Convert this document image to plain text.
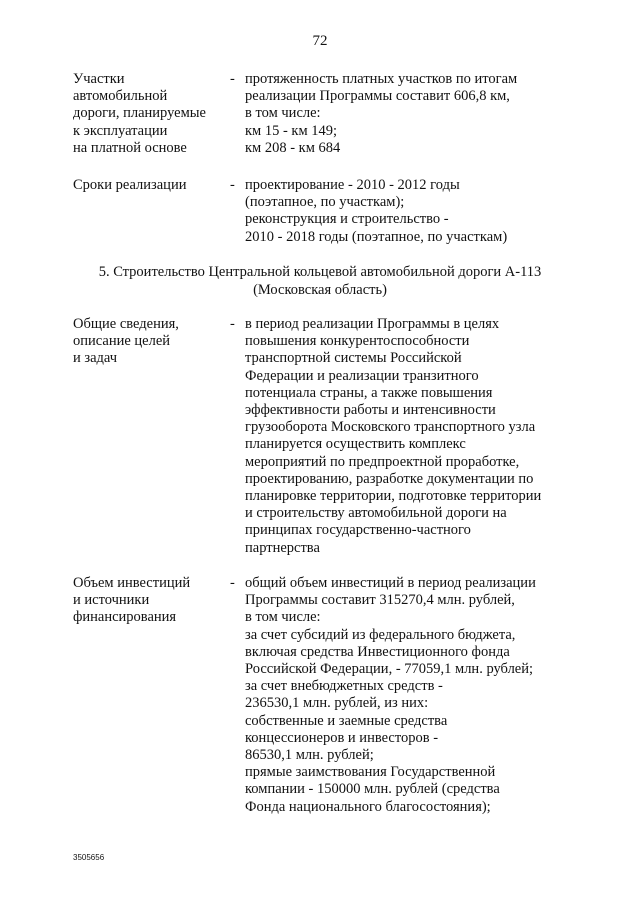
72
Участки
автомобильной
дороги, планируемые
к эксплуатации
на платной основе
- протяженность платных участков по итогам
реализации Программы составит 606,8 км,
в том числе:
км 15 - км 149;
км 208 - км 684
Сроки реализации	- проектирование - 2010 - 2012 годы
(поэтапное, по участкам);
реконструкция и строительство -
2010 - 2018 годы (поэтапное, по участкам)
5. Строительство Центральной кольцевой автомобильной дороги А-113
(Московская область)
Общие сведения,
описание целей
и задач
- в период реализации Программы в целях
повышения конкурентоспособности
транспортной системы Российской
Федерации и реализации транзитного
потенциала страны, а также повышения
эффективности работы и интенсивности
грузооборота Московского транспортного узла
планируется осуществить комплекс
мероприятий по предпроектной проработке,
проектированию, разработке документации по
планировке территории, подготовке территории
и строительству автомобильной дороги на
принципах государственно-частного
партнерства
Объем инвестиций
и источники
финансирования
- общий объем инвестиций в период реализации
Программы составит 315270,4 млн. рублей,
в том числе:
за счет субсидий из федерального бюджета,
включая средства Инвестиционного фонда
Российской Федерации, - 77059,1 млн. рублей;
за счет внебюджетных средств -
236530,1 млн. рублей, из них:
собственные и заемные средства
концессионеров и инвесторов -
86530,1 млн. рублей;
прямые заимствования Государственной
компании - 150000 млн. рублей (средства
Фонда национального благосостояния);
3505656
